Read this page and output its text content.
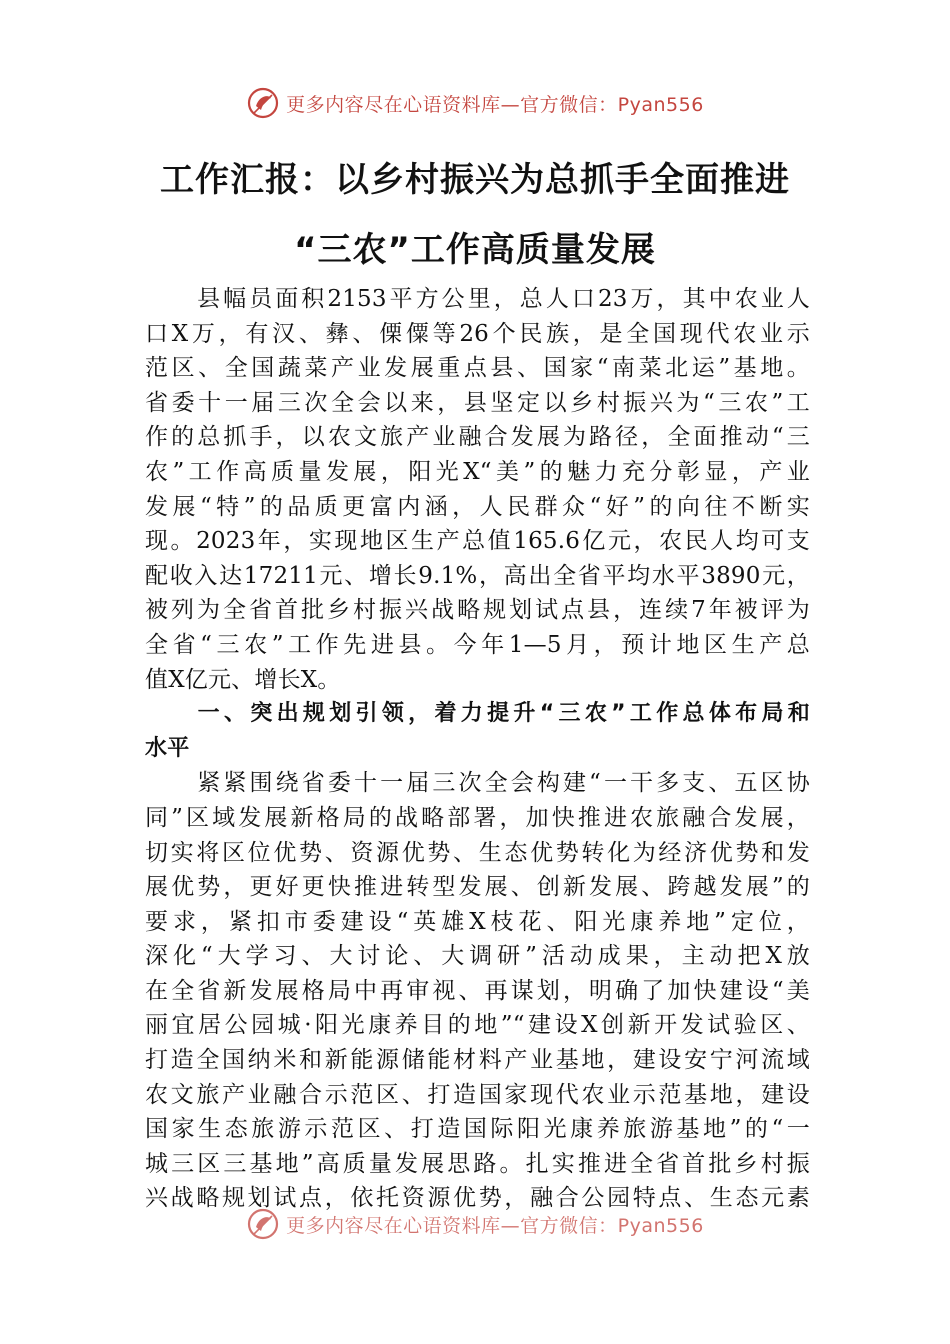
更多内容尽在心语资料库—官方微信：Pyan556
工作汇报：以乡村振兴为总抓手全面推进
“三农”工作高质量发展
　　县幅员面积2153平方公里，总人口23万，其中农业人
口X万，有汉、彝、傈僳等26个民族，是全国现代农业示
范区、全国蔬菜产业发展重点县、国家“南菜北运”基地。
省委十一届三次全会以来，县坚定以乡村振兴为“三农”工
作的总抓手，以农文旅产业融合发展为路径，全面推动“三
农”工作高质量发展，阳光X“美”的魅力充分彰显，产业
发展“特”的品质更富内涵，人民群众“好”的向往不断实
现。2023年，实现地区生产总值165.6亿元，农民人均可支
配收入达17211元、增长9.1%，高出全省平均水平3890元，
被列为全省首批乡村振兴战略规划试点县，连续7年被评为
全省“三农”工作先进县。今年1—5月，预计地区生产总
值X亿元、增长X。
　　一、突出规划引领，着力提升“三农”工作总体布局和
水平
　　紧紧围绕省委十一届三次全会构建“一干多支、五区协
同”区域发展新格局的战略部署，加快推进农旅融合发展，
切实将区位优势、资源优势、生态优势转化为经济优势和发
展优势，更好更快推进转型发展、创新发展、跨越发展”的
要求，紧扣市委建设“英雄X枝花、阳光康养地”定位，
深化“大学习、大讨论、大调研”活动成果，主动把X放
在全省新发展格局中再审视、再谋划，明确了加快建设“美
丽宜居公园城·阳光康养目的地”“建设X创新开发试验区、
打造全国纳米和新能源储能材料产业基地，建设安宁河流域
农文旅产业融合示范区、打造国家现代农业示范基地，建设
国家生态旅游示范区、打造国际阳光康养旅游基地”的“一
城三区三基地”高质量发展思路。扎实推进全省首批乡村振
兴战略规划试点，依托资源优势，融合公园特点、生态元素
更多内容尽在心语资料库—官方微信：Pyan556
